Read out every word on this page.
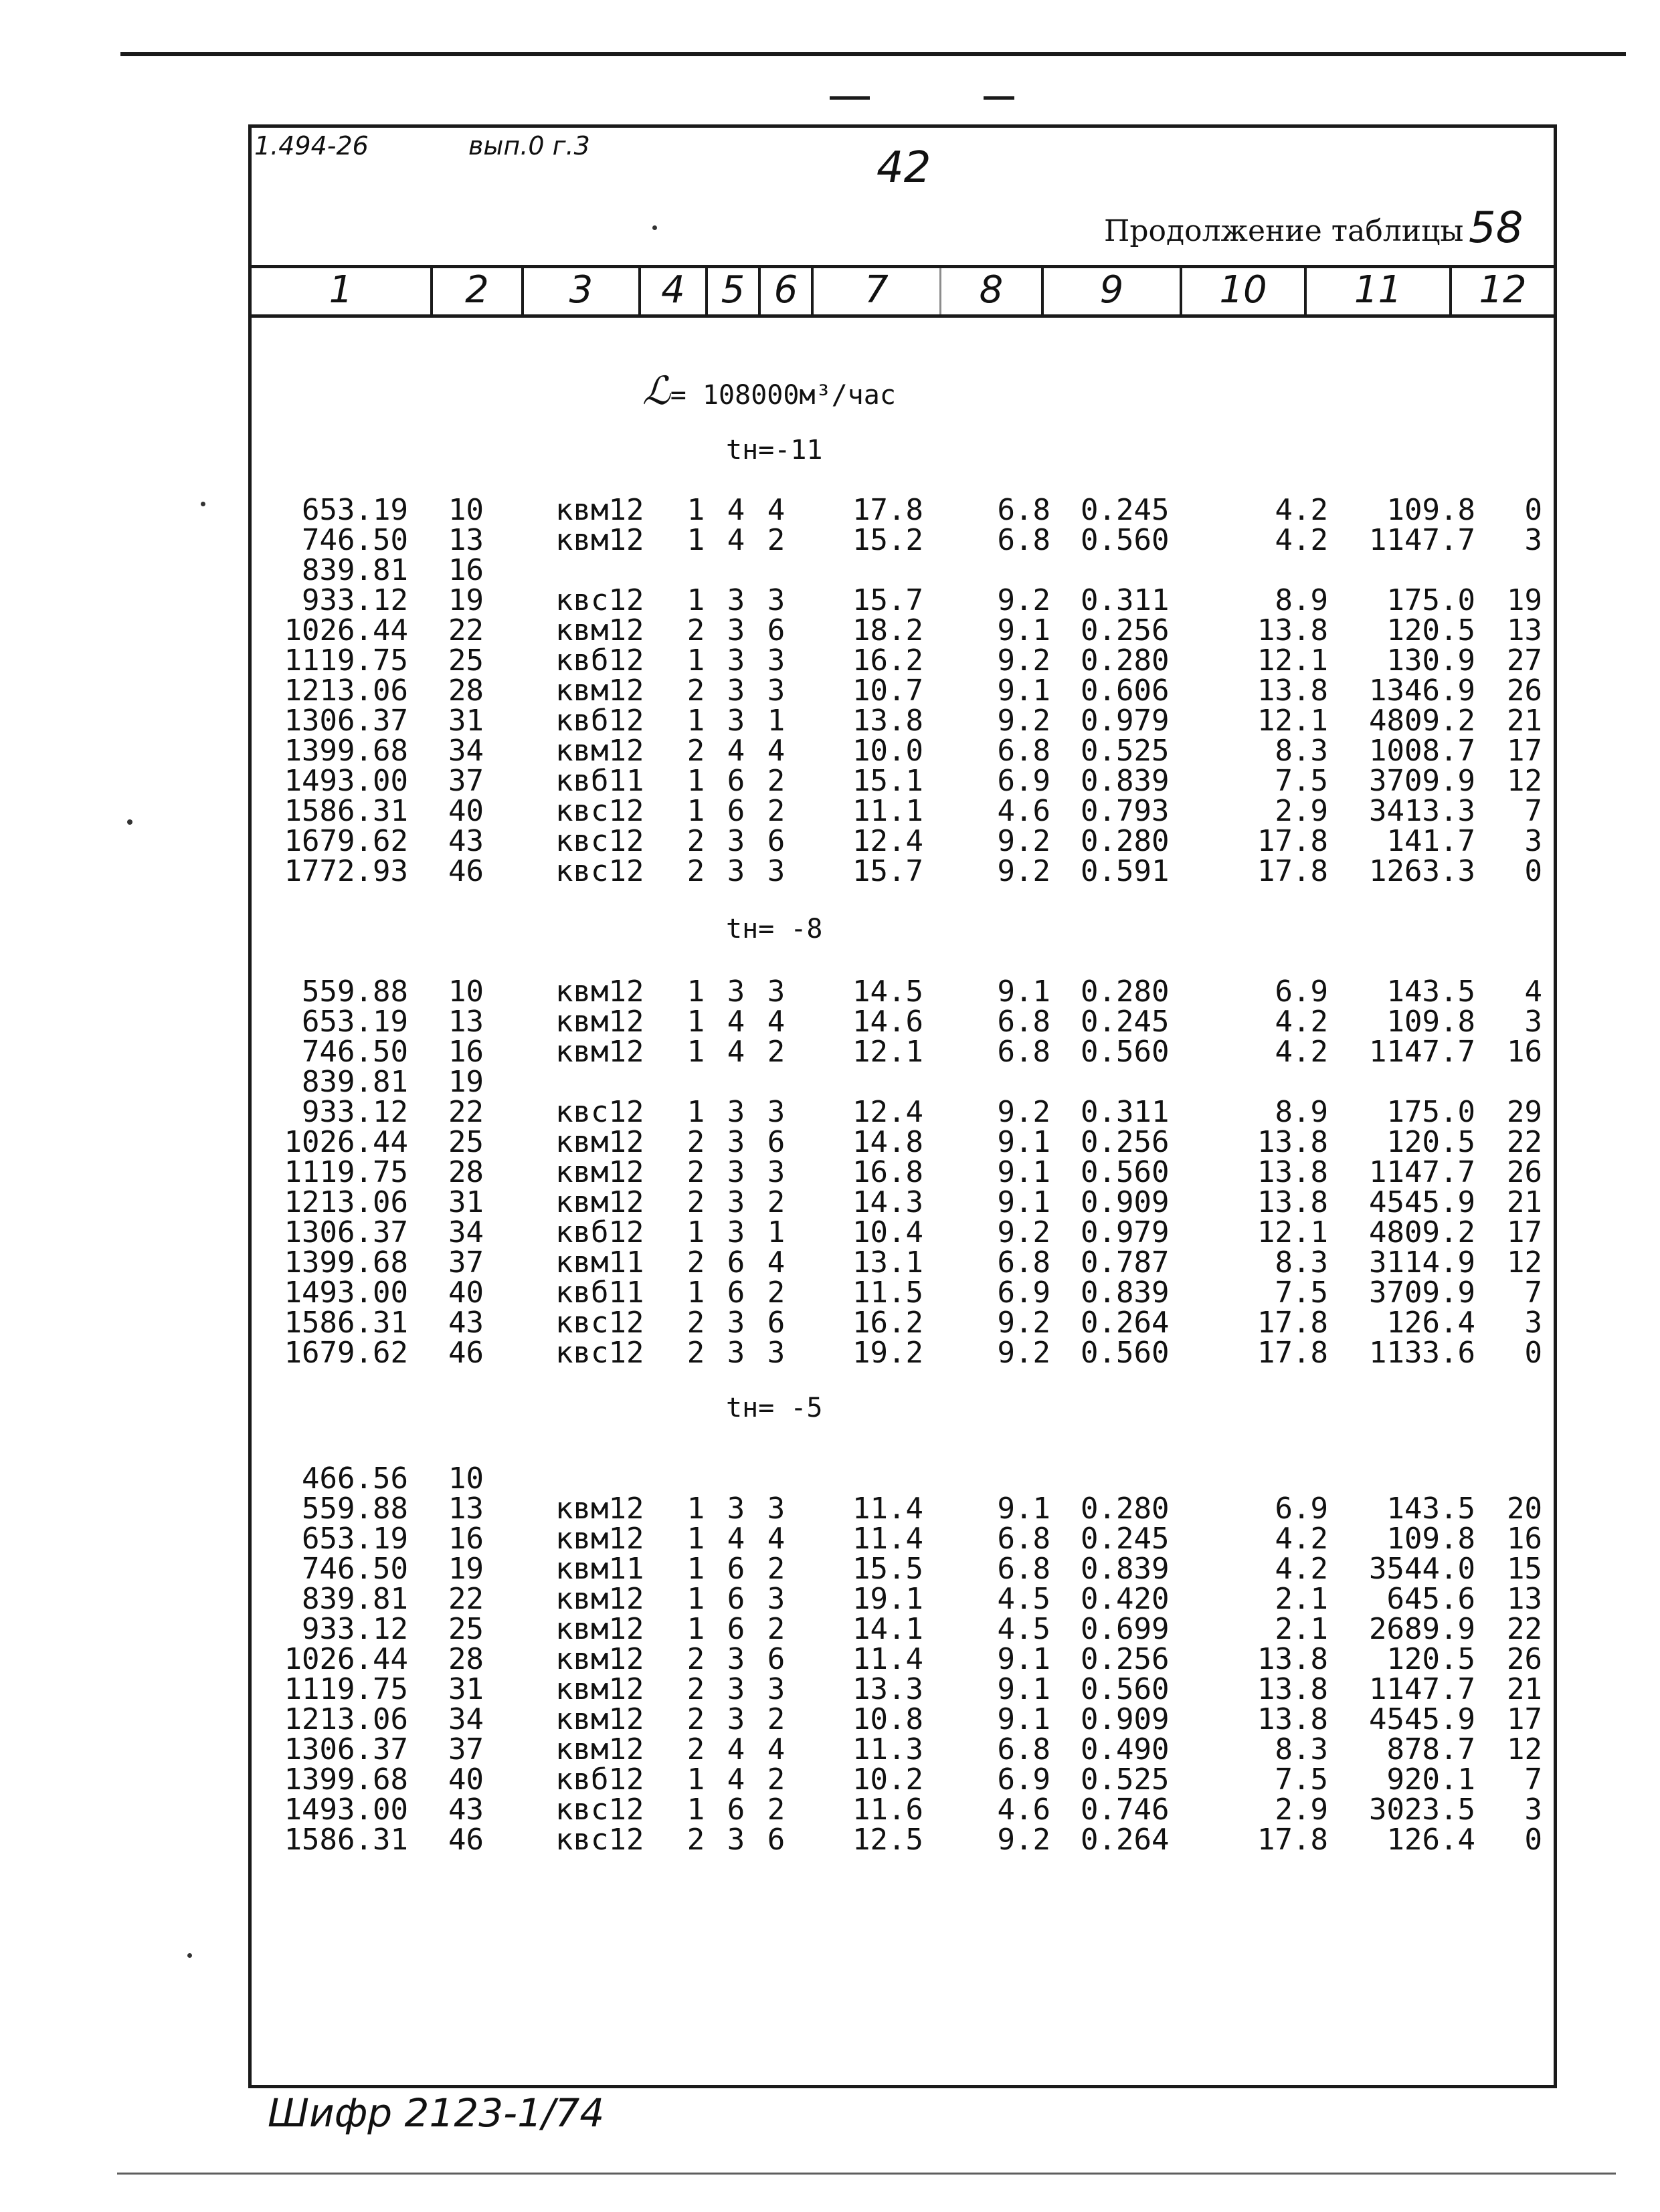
1.494-26	вып.0 г.3	42
Продолжение таблицы 58
1	2	3	4 5 6	7	8	9	10	11	12
ℒ= 108000м³/час
tн=-11
653.19	10	квм12	1	4	4	17.8	6.8	0.245	4.2	109.8	0
746.50	13	квм12	1	4	2	15.2	6.8	0.560	4.2	1147.7	3
839.81	16										
933.12	19	квс12	1	3	3	15.7	9.2	0.311	8.9	175.0	19
1026.44	22	квм12	2	3	6	18.2	9.1	0.256	13.8	120.5	13
1119.75	25	квб12	1	3	3	16.2	9.2	0.280	12.1	130.9	27
1213.06	28	квм12	2	3	3	10.7	9.1	0.606	13.8	1346.9	26
1306.37	31	квб12	1	3	1	13.8	9.2	0.979	12.1	4809.2	21
1399.68	34	квм12	2	4	4	10.0	6.8	0.525	8.3	1008.7	17
1493.00	37	квб11	1	6	2	15.1	6.9	0.839	7.5	3709.9	12
1586.31	40	квс12	1	6	2	11.1	4.6	0.793	2.9	3413.3	7
1679.62	43	квс12	2	3	6	12.4	9.2	0.280	17.8	141.7	3
1772.93	46	квс12	2	3	3	15.7	9.2	0.591	17.8	1263.3	0
tн= -8
559.88	10	квм12	1	3	3	14.5	9.1	0.280	6.9	143.5	4
653.19	13	квм12	1	4	4	14.6	6.8	0.245	4.2	109.8	3
746.50	16	квм12	1	4	2	12.1	6.8	0.560	4.2	1147.7	16
839.81	19										
933.12	22	квс12	1	3	3	12.4	9.2	0.311	8.9	175.0	29
1026.44	25	квм12	2	3	6	14.8	9.1	0.256	13.8	120.5	22
1119.75	28	квм12	2	3	3	16.8	9.1	0.560	13.8	1147.7	26
1213.06	31	квм12	2	3	2	14.3	9.1	0.909	13.8	4545.9	21
1306.37	34	квб12	1	3	1	10.4	9.2	0.979	12.1	4809.2	17
1399.68	37	квм11	2	6	4	13.1	6.8	0.787	8.3	3114.9	12
1493.00	40	квб11	1	6	2	11.5	6.9	0.839	7.5	3709.9	7
1586.31	43	квс12	2	3	6	16.2	9.2	0.264	17.8	126.4	3
1679.62	46	квс12	2	3	3	19.2	9.2	0.560	17.8	1133.6	0
tн= -5
466.56	10										
559.88	13	квм12	1	3	3	11.4	9.1	0.280	6.9	143.5	20
653.19	16	квм12	1	4	4	11.4	6.8	0.245	4.2	109.8	16
746.50	19	квм11	1	6	2	15.5	6.8	0.839	4.2	3544.0	15
839.81	22	квм12	1	6	3	19.1	4.5	0.420	2.1	645.6	13
933.12	25	квм12	1	6	2	14.1	4.5	0.699	2.1	2689.9	22
1026.44	28	квм12	2	3	6	11.4	9.1	0.256	13.8	120.5	26
1119.75	31	квм12	2	3	3	13.3	9.1	0.560	13.8	1147.7	21
1213.06	34	квм12	2	3	2	10.8	9.1	0.909	13.8	4545.9	17
1306.37	37	квм12	2	4	4	11.3	6.8	0.490	8.3	878.7	12
1399.68	40	квб12	1	4	2	10.2	6.9	0.525	7.5	920.1	7
1493.00	43	квс12	1	6	2	11.6	4.6	0.746	2.9	3023.5	3
1586.31	46	квс12	2	3	6	12.5	9.2	0.264	17.8	126.4	0
Шифр 2123-1/74
